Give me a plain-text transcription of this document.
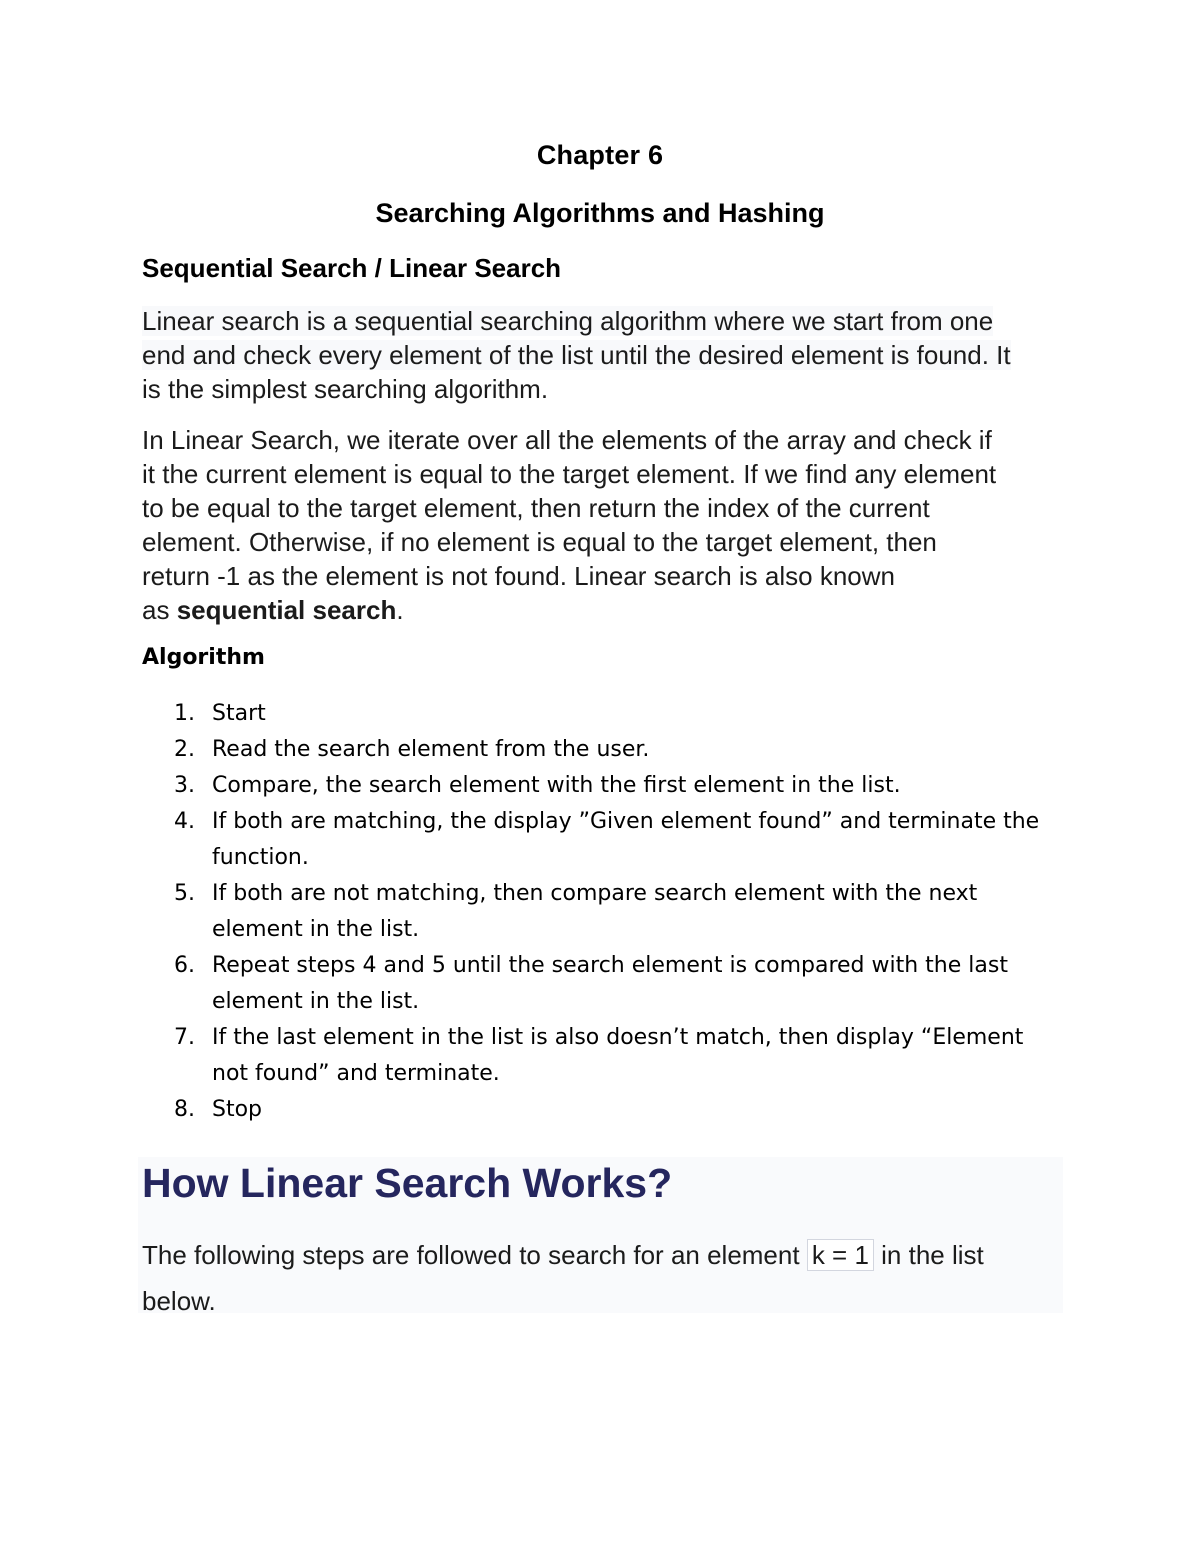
Chapter 6
Searching Algorithms and Hashing
Sequential Search / Linear Search
Linear search is a sequential searching algorithm where we start from one
end and check every element of the list until the desired element is found. It
is the simplest searching algorithm.
In Linear Search, we iterate over all the elements of the array and check if
it the current element is equal to the target element. If we find any element
to be equal to the target element, then return the index of the current
element. Otherwise, if no element is equal to the target element, then
return -1 as the element is not found. Linear search is also known
as sequential search.
Algorithm
1. Start
2. Read the search element from the user.
3. Compare, the search element with the first element in the list.
4. If both are matching, the display ”Given element found” and terminate the
function.
5. If both are not matching, then compare search element with the next
element in the list.
6. Repeat steps 4 and 5 until the search element is compared with the last
element in the list.
7. If the last element in the list is also doesn’t match, then display “Element
not found” and terminate.
8. Stop
How Linear Search Works?
The following steps are followed to search for an element k = 1 in the list
below.
